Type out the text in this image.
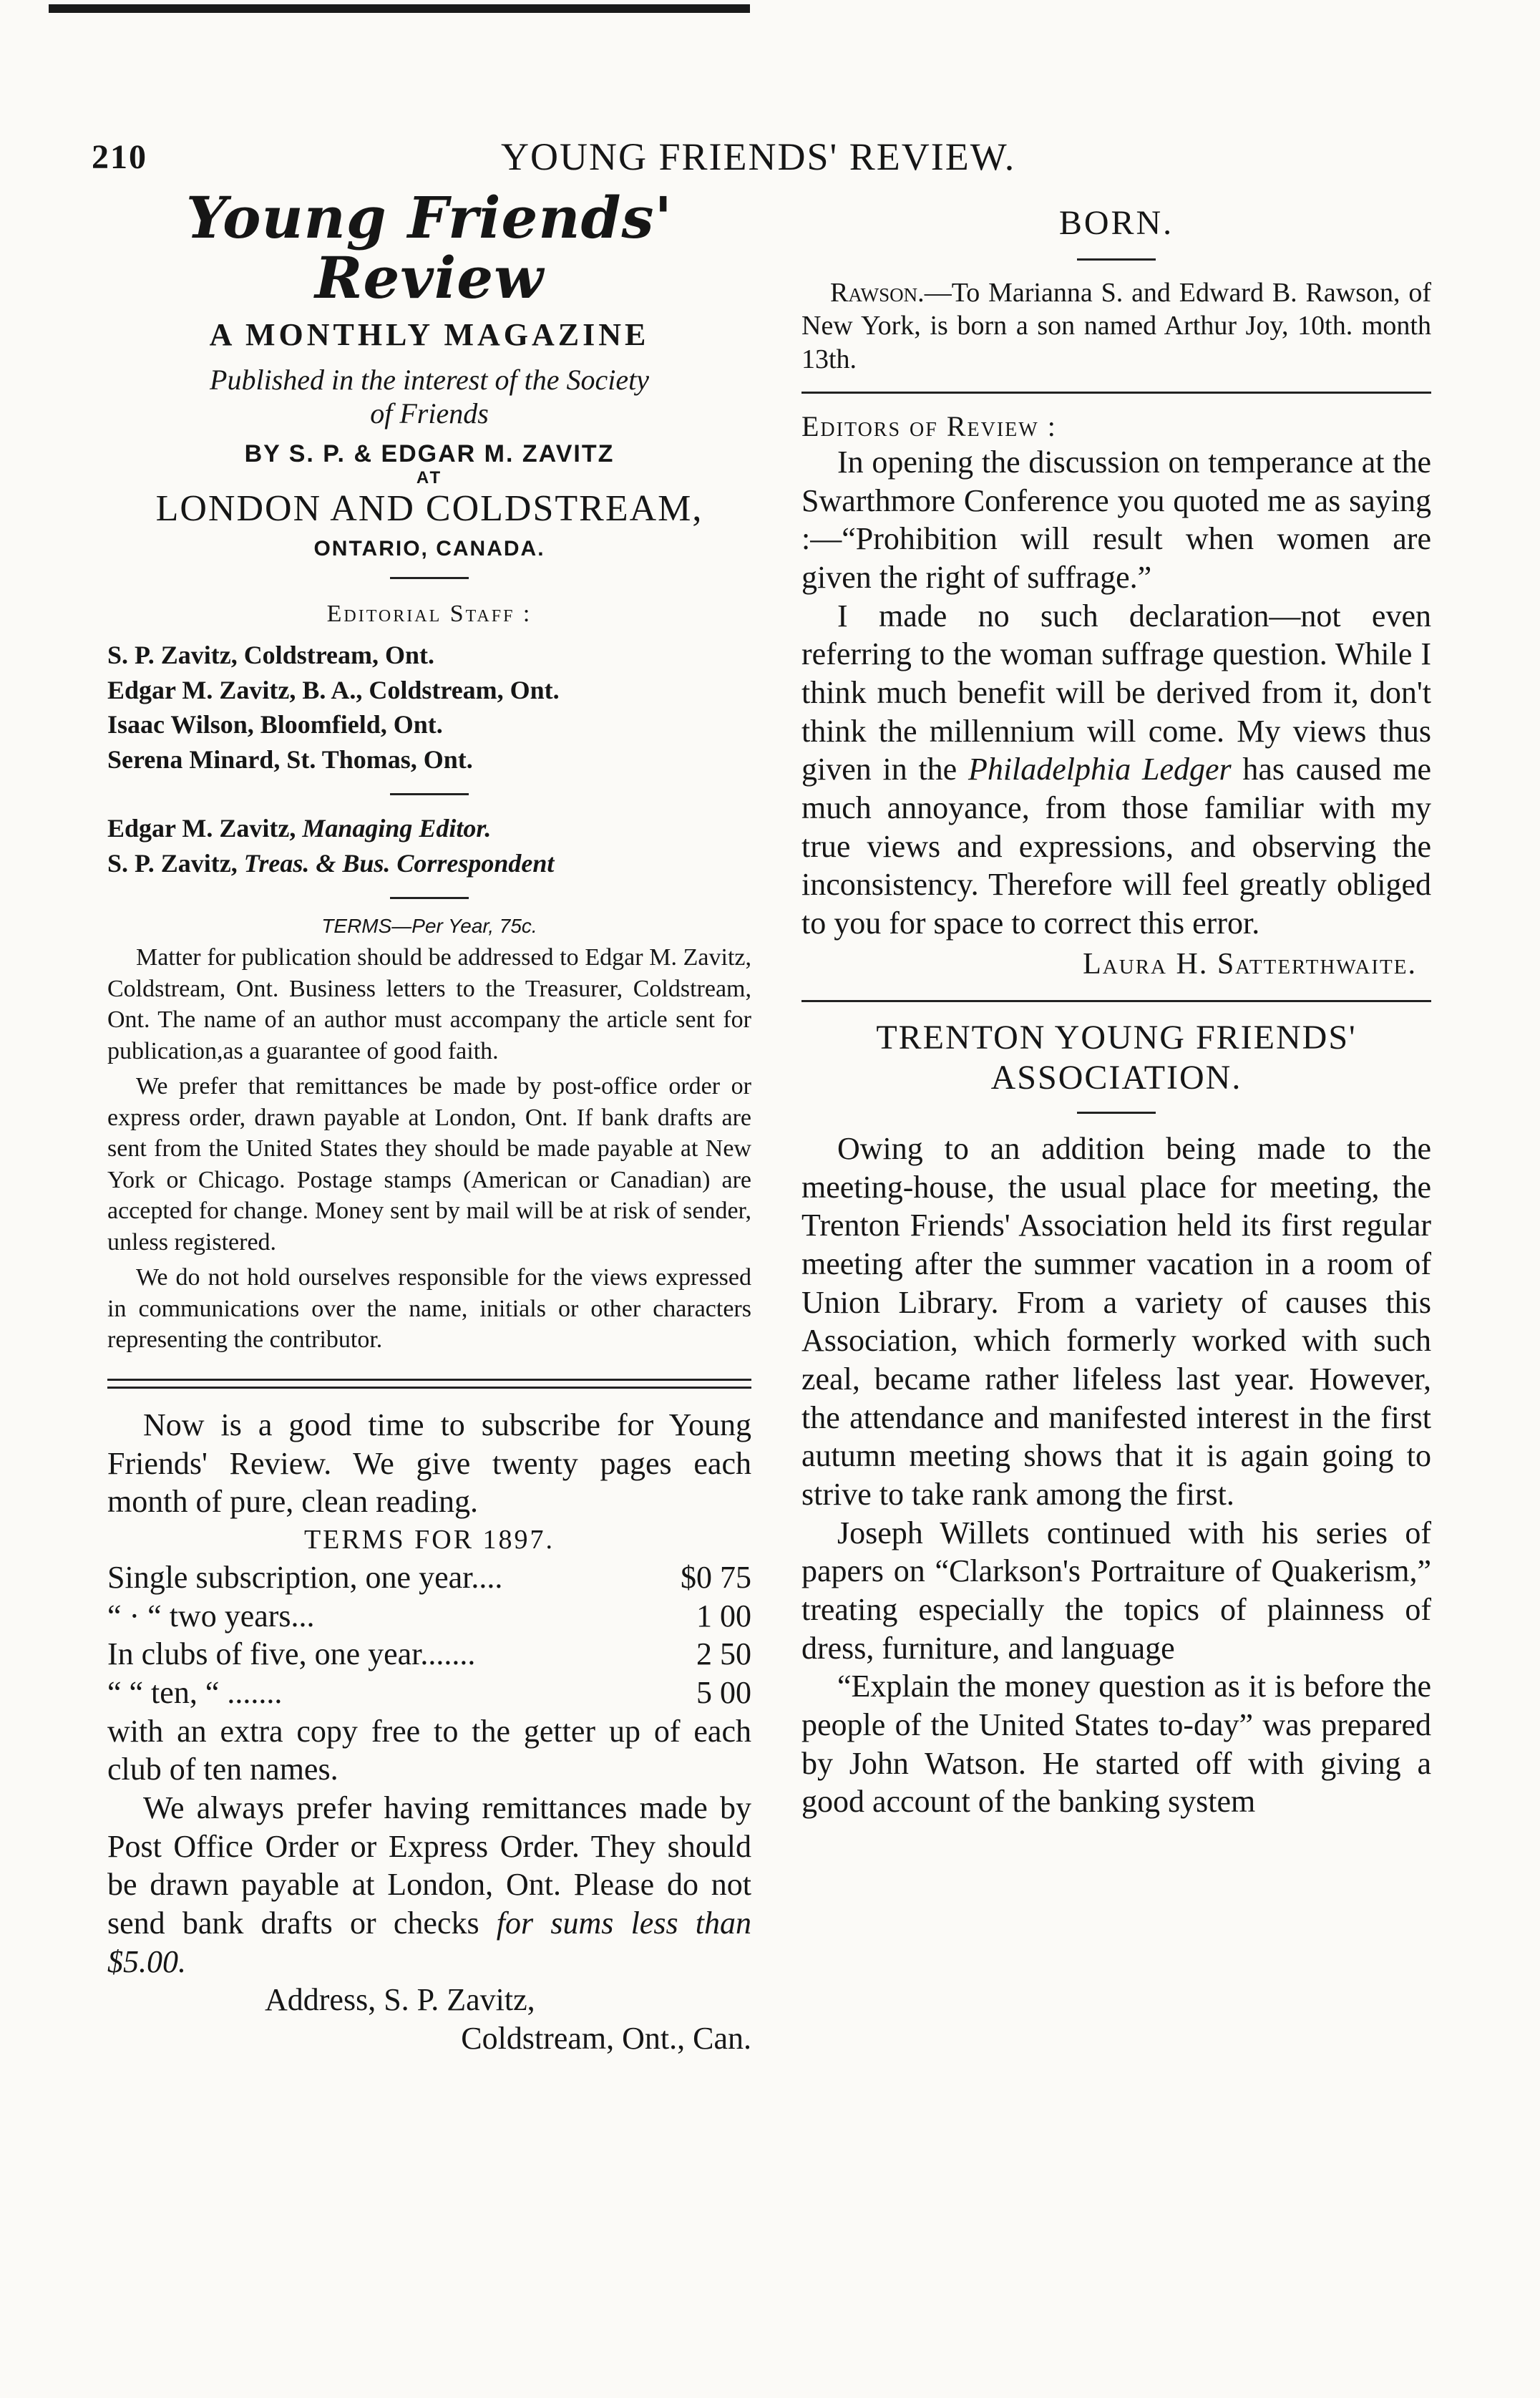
210	YOUNG FRIENDS' REVIEW.
Young Friends' Review
A MONTHLY MAGAZINE
Published in the interest of the Society
of Friends
BY S. P. & EDGAR M. ZAVITZ
AT
LONDON AND COLDSTREAM,
ONTARIO, CANADA.
Editorial Staff :
S. P. Zavitz, Coldstream, Ont.
Edgar M. Zavitz, B. A., Coldstream, Ont.
Isaac Wilson, Bloomfield, Ont.
Serena Minard, St. Thomas, Ont.
Edgar M. Zavitz, Managing Editor.
S. P. Zavitz, Treas. & Bus. Correspondent
TERMS—Per Year, 75c.

Matter for publication should be addressed to Edgar M. Zavitz, Coldstream, Ont. Business letters to the Treasurer, Coldstream, Ont. The name of an author must accompany the article sent for publication,as a guarantee of good faith.

We prefer that remittances be made by post-office order or express order, drawn payable at London, Ont. If bank drafts are sent from the United States they should be made payable at New York or Chicago. Postage stamps (American or Canadian) are accepted for change. Money sent by mail will be at risk of sender, unless registered.

We do not hold ourselves responsible for the views expressed in communications over the name, initials or other characters representing the contributor.

Now is a good time to subscribe for Young Friends' Review. We give twenty pages each month of pure, clean reading.
TERMS FOR 1897.
Single subscription, one year....	$0 75
“ · “ two years...	1 00
In clubs of five, one year.......	2 50
“ “ ten, “ .......	5 00
with an extra copy free to the getter up of each club of ten names.
We always prefer having remittances made by Post Office Order or Express Order. They should be drawn payable at London, Ont. Please do not send bank drafts or checks for sums less than $5.00.
Address, S. P. Zavitz,
Coldstream, Ont., Can.
BORN.
Rawson.—To Marianna S. and Edward B. Rawson, of New York, is born a son named Arthur Joy, 10th. month 13th.
Editors of Review :
In opening the discussion on temperance at the Swarthmore Conference you quoted me as saying :—“Prohibition will result when women are given the right of suffrage.”
I made no such declaration—not even referring to the woman suffrage question. While I think much benefit will be derived from it, don't think the millennium will come. My views thus given in the Philadelphia Ledger has caused me much annoyance, from those familiar with my true views and expressions, and observing the inconsistency. Therefore will feel greatly obliged to you for space to correct this error.
Laura H. Satterthwaite.
TRENTON YOUNG FRIENDS'
ASSOCIATION.
Owing to an addition being made to the meeting-house, the usual place for meeting, the Trenton Friends' Association held its first regular meeting after the summer vacation in a room of Union Library. From a variety of causes this Association, which formerly worked with such zeal, became rather lifeless last year. However, the attendance and manifested interest in the first autumn meeting shows that it is again going to strive to take rank among the first.
Joseph Willets continued with his series of papers on “Clarkson's Portraiture of Quakerism,” treating especially the topics of plainness of dress, furniture, and language
“Explain the money question as it is before the people of the United States to-day” was prepared by John Watson. He started off with giving a good account of the banking system
